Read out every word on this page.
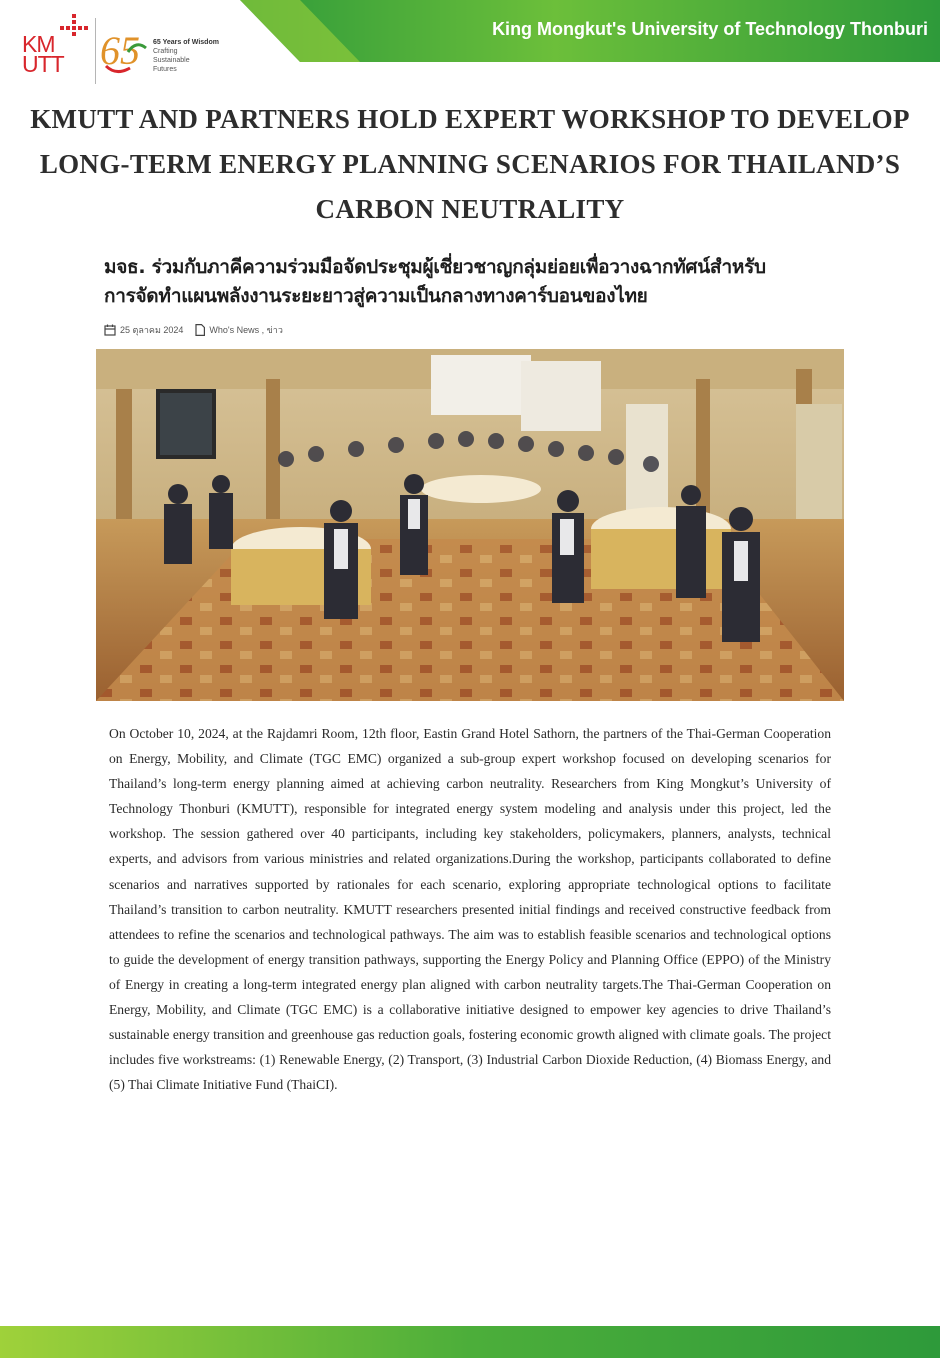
King Mongkut's University of Technology Thonburi
KM
UTT 65 65 Years of Wisdom
Crafting
Sustainable
Futures
KMUTT AND PARTNERS HOLD EXPERT WORKSHOP TO DEVELOP LONG-TERM ENERGY PLANNING SCENARIOS FOR THAILAND’S CARBON NEUTRALITY
มจธ. ร่วมกับภาคีความร่วมมือจัดประชุมผู้เชี่ยวชาญกลุ่มย่อยเพื่อวางฉากทัศน์สำหรับ
การจัดทำแผนพลังงานระยะยาวสู่ความเป็นกลางทางคาร์บอนของไทย
25 ตุลาคม 2024	Who's News , ข่าว

On October 10, 2024, at the Rajdamri Room, 12th floor, Eastin Grand Hotel Sathorn, the partners of the Thai-German Cooperation on Energy, Mobility, and Climate (TGC EMC) organized a sub-group expert workshop focused on developing scenarios for Thailand’s long-term energy planning aimed at achieving carbon neutrality. Researchers from King Mongkut’s University of Technology Thonburi (KMUTT), responsible for integrated energy system modeling and analysis under this project, led the workshop. The session gathered over 40 participants, including key stakeholders, policymakers, planners, analysts, technical experts, and advisors from various ministries and related organizations.During the workshop, participants collaborated to define scenarios and narratives supported by rationales for each scenario, exploring appropriate technological options to facilitate Thailand’s transition to carbon neutrality. KMUTT researchers presented initial findings and received constructive feedback from attendees to refine the scenarios and technological pathways. The aim was to establish feasible scenarios and technological options to guide the development of energy transition pathways, supporting the Energy Policy and Planning Office (EPPO) of the Ministry of Energy in creating a long-term integrated energy plan aligned with carbon neutrality targets.The Thai-German Cooperation on Energy, Mobility, and Climate (TGC EMC) is a collaborative initiative designed to empower key agencies to drive Thailand’s sustainable energy transition and greenhouse gas reduction goals, fostering economic growth aligned with climate goals. The project includes five workstreams: (1) Renewable Energy, (2) Transport, (3) Industrial Carbon Dioxide Reduction, (4) Biomass Energy, and (5) Thai Climate Initiative Fund (ThaiCI).
